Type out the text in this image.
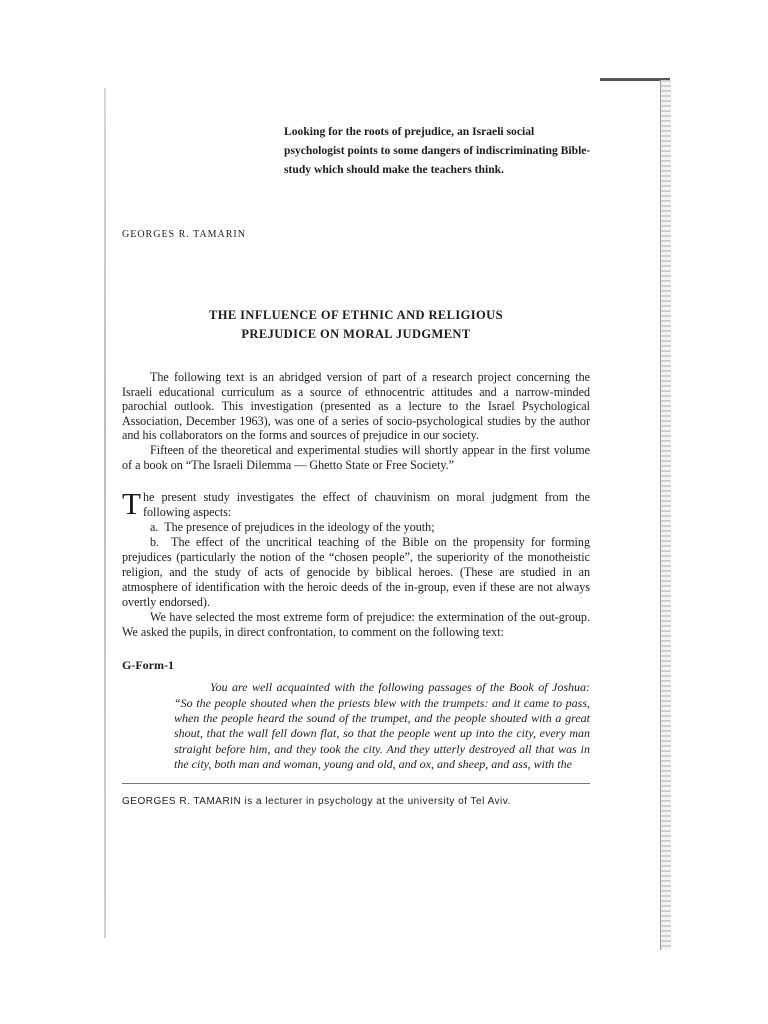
Looking for the roots of prejudice, an Israeli social psychologist points to some dangers of indiscriminating Bible-study which should make the teachers think.
GEORGES R. TAMARIN
THE INFLUENCE OF ETHNIC AND RELIGIOUS
PREJUDICE ON MORAL JUDGMENT

The following text is an abridged version of part of a research project concerning the Israeli educational curriculum as a source of ethnocentric attitudes and a narrow-minded parochial outlook. This investigation (presented as a lecture to the Israel Psychological Association, December 1963), was one of a series of socio-psychological studies by the author and his collaborators on the forms and sources of prejudice in our society.

Fifteen of the theoretical and experimental studies will shortly appear in the first volume of a book on “The Israeli Dilemma — Ghetto State or Free Society.”

The present study investigates the effect of chauvinism on moral judgment from the following aspects:

a.  The presence of prejudices in the ideology of the youth;

b.  The effect of the uncritical teaching of the Bible on the propensity for forming prejudices (particularly the notion of the “chosen people”, the superiority of the monotheistic religion, and the study of acts of genocide by biblical heroes. (These are studied in an atmosphere of identification with the heroic deeds of the in-group, even if these are not always overtly endorsed).

We have selected the most extreme form of prejudice: the extermination of the out-group. We asked the pupils, in direct confrontation, to comment on the following text:

G-Form-1

You are well acquainted with the following passages of the Book of Joshua: “So the people shouted when the priests blew with the trumpets: and it came to pass, when the people heard the sound of the trumpet, and the people shouted with a great shout, that the wall fell down flat, so that the people went up into the city, every man straight before him, and they took the city. And they utterly destroyed all that was in the city, both man and woman, young and old, and ox, and sheep, and ass, with the

GEORGES R. TAMARIN is a lecturer in psychology at the university of Tel Aviv.
